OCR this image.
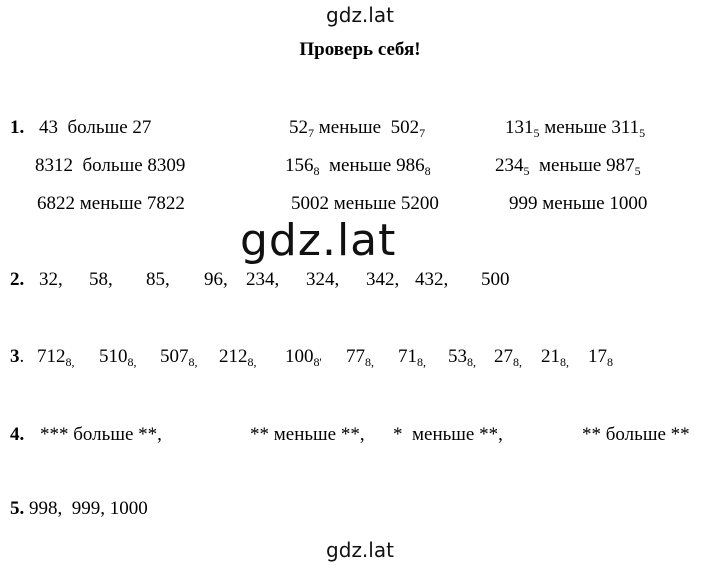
gdz.lat
gdz.lat
gdz.lat
Проверь себя!
1. 43 больше 27	$52_7$ меньше $502_7$	$131_5$ меньше $311_5$
8312 больше 8309	$156_8$ меньше $986_8$	$234_5$ меньше $987_5$
6822 меньше 7822	5002 меньше 5200	999 меньше 1000
2. 32, 58, 85, 96, 234, 324, 342, 432, 500
3. $712_{8,}$ $510_{8,}$ $507_{8,}$ $212_{8,}$ $100_{8'}$ $77_{8,}$ $71_{8,}$ $53_{8,}$ $27_{8,}$ $21_{8,}$ $17_8$
4. *** больше **,	** меньше **, *  меньше **,	** больше **
5. 998,  999, 1000
